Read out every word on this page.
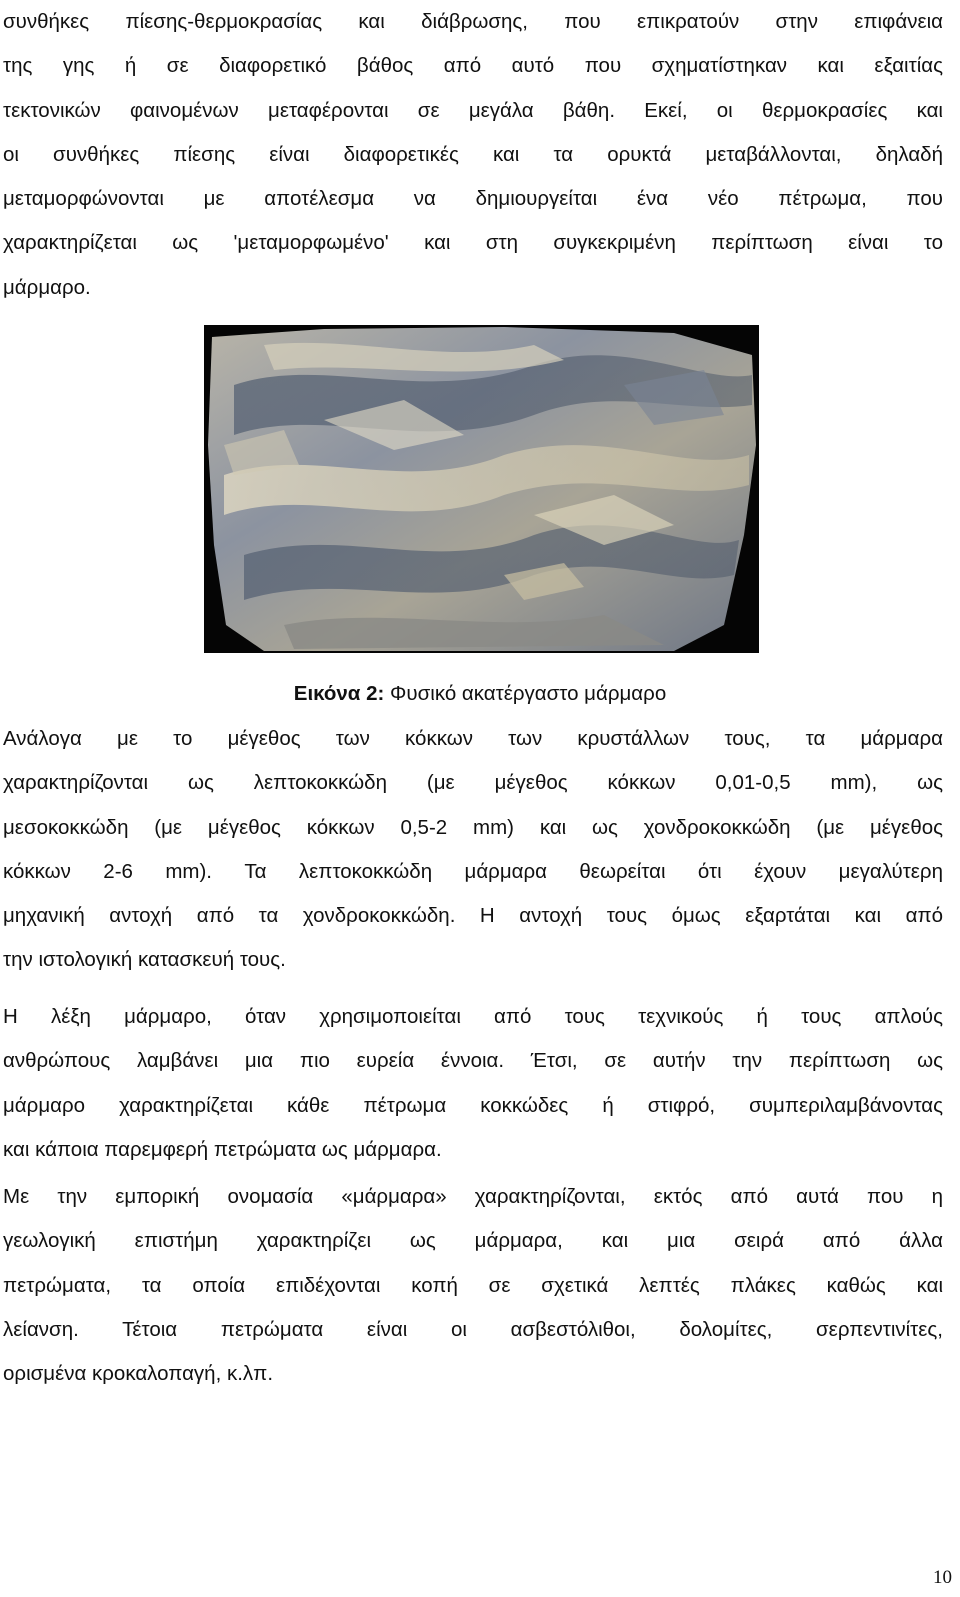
συνθήκες πίεσης-θερμοκρασίας και διάβρωσης, που επικρατούν στην επιφάνεια
της γης ή σε διαφορετικό βάθος από αυτό που σχηματίστηκαν και εξαιτίας
τεκτονικών φαινομένων μεταφέρονται σε μεγάλα βάθη. Εκεί, οι θερμοκρασίες και
οι συνθήκες πίεσης είναι διαφορετικές και τα ορυκτά μεταβάλλονται, δηλαδή
μεταμορφώνονται με αποτέλεσμα να δημιουργείται ένα νέο πέτρωμα, που
χαρακτηρίζεται ως 'μεταμορφωμένο' και στη συγκεκριμένη περίπτωση είναι το
μάρμαρο.
Εικόνα 2: Φυσικό ακατέργαστο μάρμαρο
Ανάλογα με το μέγεθος των κόκκων των κρυστάλλων τους, τα μάρμαρα
χαρακτηρίζονται ως λεπτοκοκκώδη (με μέγεθος κόκκων 0,01-0,5 mm), ως
μεσοκοκκώδη (με μέγεθος κόκκων 0,5-2 mm) και ως χονδροκοκκώδη (με μέγεθος
κόκκων 2-6 mm). Τα λεπτοκοκκώδη μάρμαρα θεωρείται ότι έχουν μεγαλύτερη
μηχανική αντοχή από τα χονδροκοκκώδη. Η αντοχή τους όμως εξαρτάται και από
την ιστολογική κατασκευή τους.
Η λέξη μάρμαρο, όταν χρησιμοποιείται από τους τεχνικούς ή τους απλούς
ανθρώπους λαμβάνει μια πιο ευρεία έννοια. Έτσι, σε αυτήν την περίπτωση ως
μάρμαρο χαρακτηρίζεται κάθε πέτρωμα κοκκώδες ή στιφρό, συμπεριλαμβάνοντας
και κάποια παρεμφερή πετρώματα ως μάρμαρα.
Με την εμπορική ονομασία «μάρμαρα» χαρακτηρίζονται, εκτός από αυτά που η
γεωλογική επιστήμη χαρακτηρίζει ως μάρμαρα, και μια σειρά από άλλα
πετρώματα, τα οποία επιδέχονται κοπή σε σχετικά λεπτές πλάκες καθώς και
λείανση. Τέτοια πετρώματα είναι οι ασβεστόλιθοι, δολομίτες, σερπεντινίτες,
ορισμένα κροκαλοπαγή, κ.λπ.
10
